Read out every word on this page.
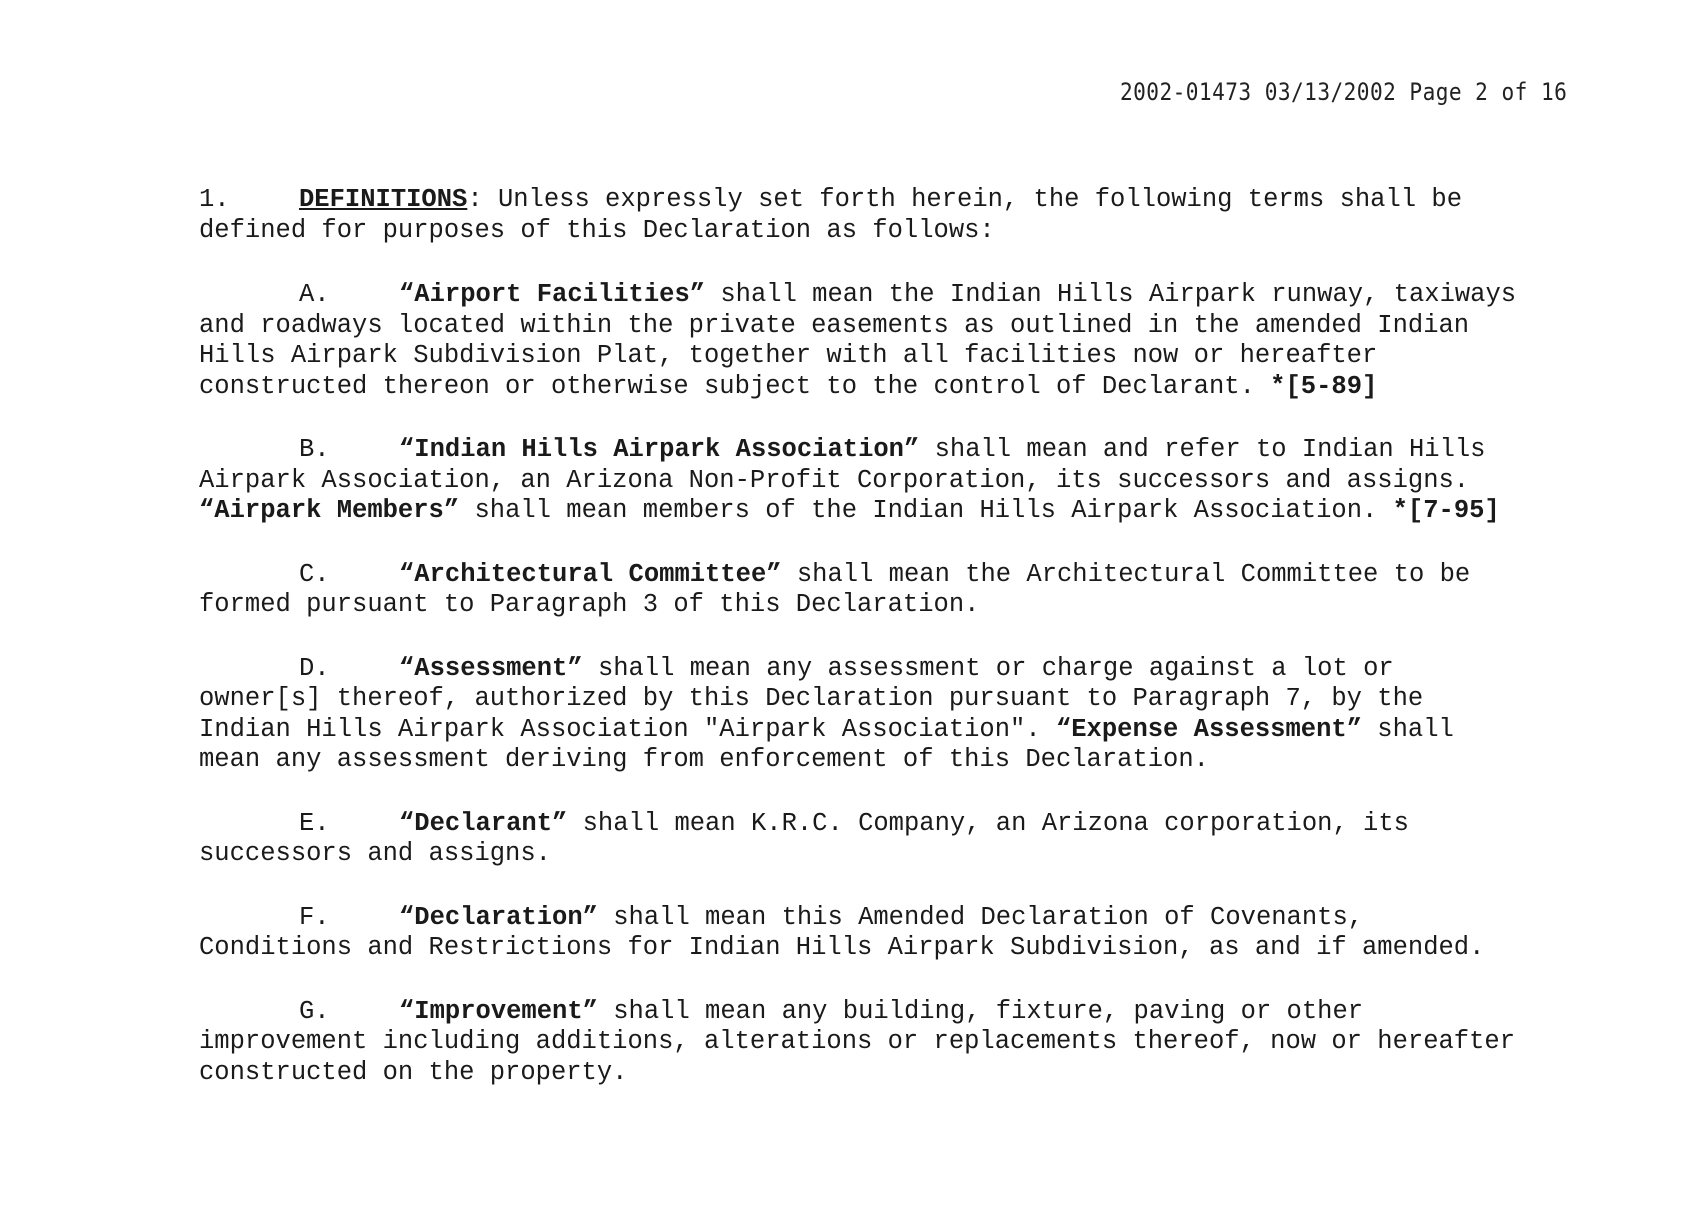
2002-01473 03/13/2002 Page 2 of 16

1.	DEFINITIONS: Unless expressly set forth herein, the following terms shall be defined for purposes of this Declaration as follows:

A.	“Airport Facilities” shall mean the Indian Hills Airpark runway, taxiways and roadways located within the private easements as outlined in the amended Indian Hills Airpark Subdivision Plat, together with all facilities now or hereafter constructed thereon or otherwise subject to the control of Declarant. *[5-89]

B.	“Indian Hills Airpark Association” shall mean and refer to Indian Hills Airpark Association, an Arizona Non-Profit Corporation, its successors and assigns. “Airpark Members” shall mean members of the Indian Hills Airpark Association. *[7-95]

C.	“Architectural Committee” shall mean the Architectural Committee to be formed pursuant to Paragraph 3 of this Declaration.

D.	“Assessment” shall mean any assessment or charge against a lot or owner[s] thereof, authorized by this Declaration pursuant to Paragraph 7, by the Indian Hills Airpark Association "Airpark Association". “Expense Assessment” shall mean any assessment deriving from enforcement of this Declaration.

E.	“Declarant” shall mean K.R.C. Company, an Arizona corporation, its successors and assigns.

F.	“Declaration” shall mean this Amended Declaration of Covenants, Conditions and Restrictions for Indian Hills Airpark Subdivision, as and if amended.

G.	“Improvement” shall mean any building, fixture, paving or other improvement including additions, alterations or replacements thereof, now or hereafter constructed on the property.
